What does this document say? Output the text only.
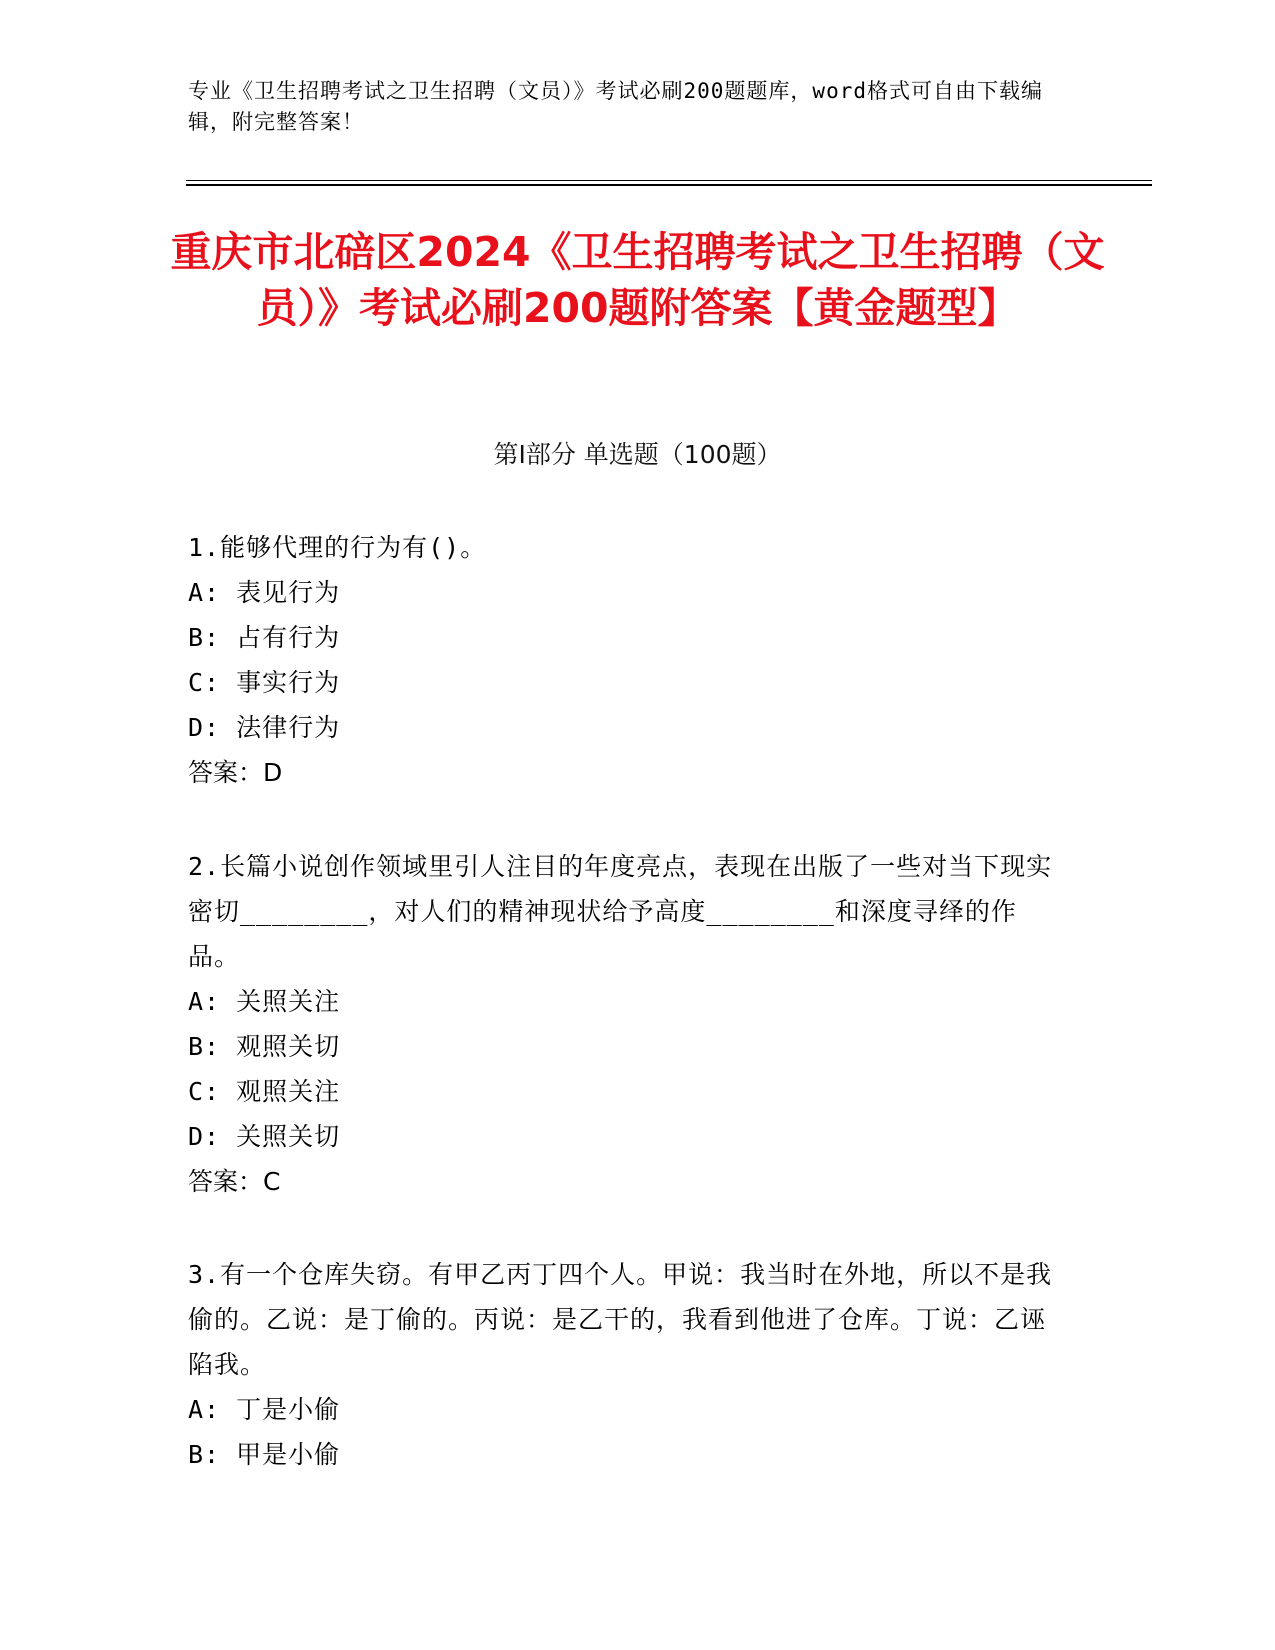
专业《卫生招聘考试之卫生招聘（文员）》考试必刷200题题库，word格式可自由下载编辑，附完整答案！
重庆市北碚区2024《卫生招聘考试之卫生招聘（文员）》考试必刷200题附答案【黄金题型】
第Ⅰ部分 单选题（100题）
1.能够代理的行为有()。
A: 表见行为
B: 占有行为
C: 事实行为
D: 法律行为
答案：D
2.长篇小说创作领域里引人注目的年度亮点，表现在出版了一些对当下现实密切________，对人们的精神现状给予高度________和深度寻绎的作品。
A: 关照关注
B: 观照关切
C: 观照关注
D: 关照关切
答案：C
3.有一个仓库失窃。有甲乙丙丁四个人。甲说：我当时在外地，所以不是我偷的。乙说：是丁偷的。丙说：是乙干的，我看到他进了仓库。丁说：乙诬陷我。
A: 丁是小偷
B: 甲是小偷
